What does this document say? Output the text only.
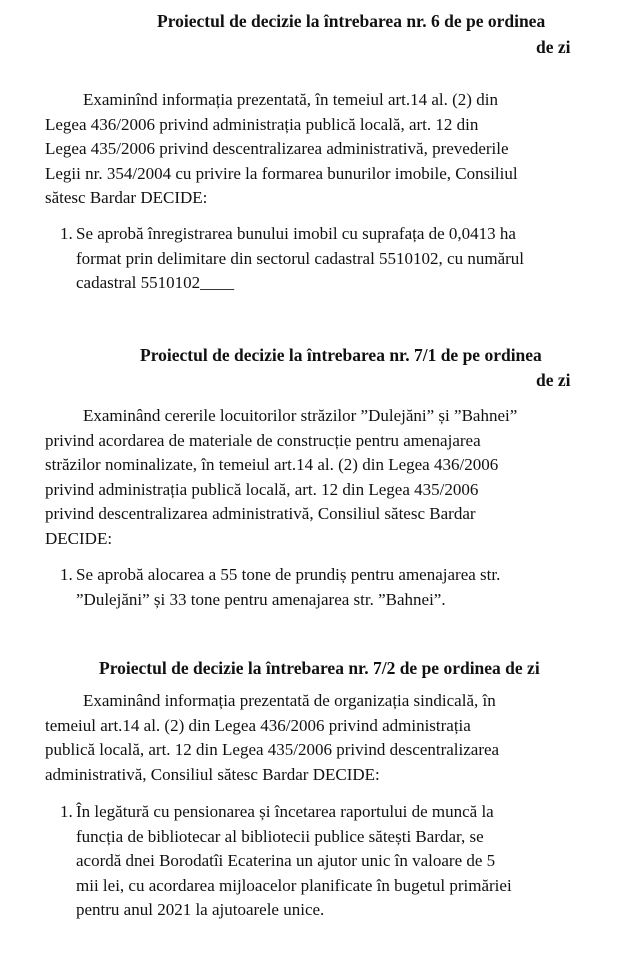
Proiectul de decizie la întrebarea nr. 6 de pe ordinea
de zi
Examinînd informația prezentată, în temeiul art.14 al. (2) din
Legea 436/2006 privind administrația publică locală, art. 12 din
Legea 435/2006 privind descentralizarea administrativă, prevederile
Legii nr. 354/2004 cu privire la formarea bunurilor imobile, Consiliul
sătesc Bardar DECIDE:
1. Se aprobă înregistrarea bunului imobil cu suprafața de 0,0413 ha
format prin delimitare din sectorul cadastral 5510102, cu numărul
cadastral 5510102____
Proiectul de decizie la întrebarea nr. 7/1 de pe ordinea
de zi
Examinând cererile locuitorilor străzilor ”Dulejăni” și ”Bahnei”
privind acordarea de materiale de construcție pentru amenajarea
străzilor nominalizate, în temeiul art.14 al. (2) din Legea 436/2006
privind administrația publică locală, art. 12 din Legea 435/2006
privind descentralizarea administrativă, Consiliul sătesc Bardar
DECIDE:
1. Se aprobă alocarea a 55 tone de prundiș pentru amenajarea str.
”Dulejăni” și 33 tone pentru amenajarea str. ”Bahnei”.
Proiectul de decizie la întrebarea nr. 7/2 de pe ordinea de zi
Examinând informația prezentată de organizația sindicală, în
temeiul art.14 al. (2) din Legea 436/2006 privind administrația
publică locală, art. 12 din Legea 435/2006 privind descentralizarea
administrativă, Consiliul sătesc Bardar DECIDE:
1. În legătură cu pensionarea și încetarea raportului de muncă la
funcția de bibliotecar al bibliotecii publice sătești Bardar, se
acordă dnei Borodatîi Ecaterina un ajutor unic în valoare de 5
mii lei, cu acordarea mijloacelor planificate în bugetul primăriei
pentru anul 2021 la ajutoarele unice.
